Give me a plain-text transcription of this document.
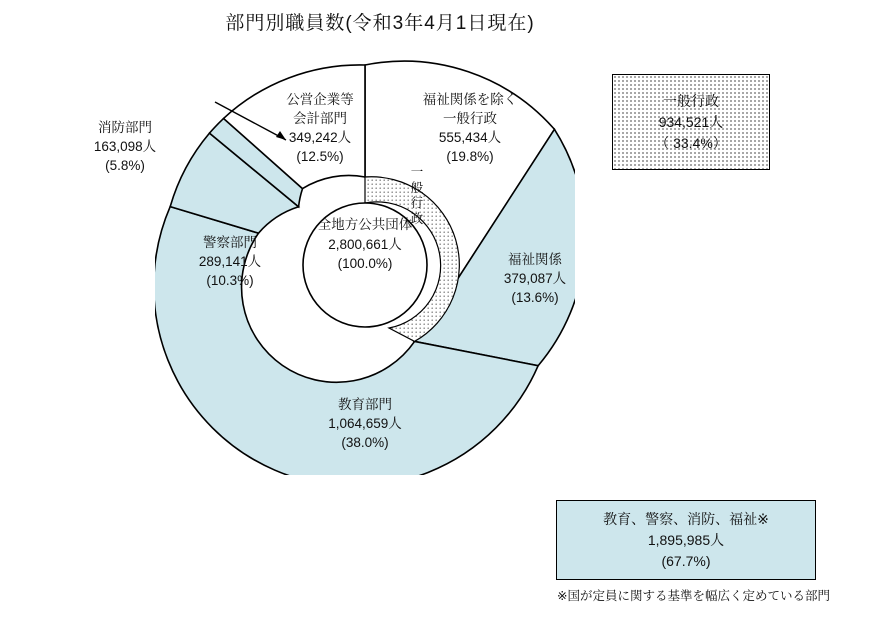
部門別職員数(令和3年4月1日現在)
全地方公共団体
2,800,661人
(100.0%)
一
般
行
政
福祉関係を除く
一般行政
555,434人
(19.8%)
福祉関係
379,087人
(13.6%)
教育部門
1,064,659人
(38.0%)
警察部門
289,141人
(10.3%)
公営企業等
会計部門
349,242人
(12.5%)
消防部門
163,098人
(5.8%)
一般行政
934,521人
（ 33.4%）
教育、警察、消防、福祉※
1,895,985人
(67.7%)
※国が定員に関する基準を幅広く定めている部門
